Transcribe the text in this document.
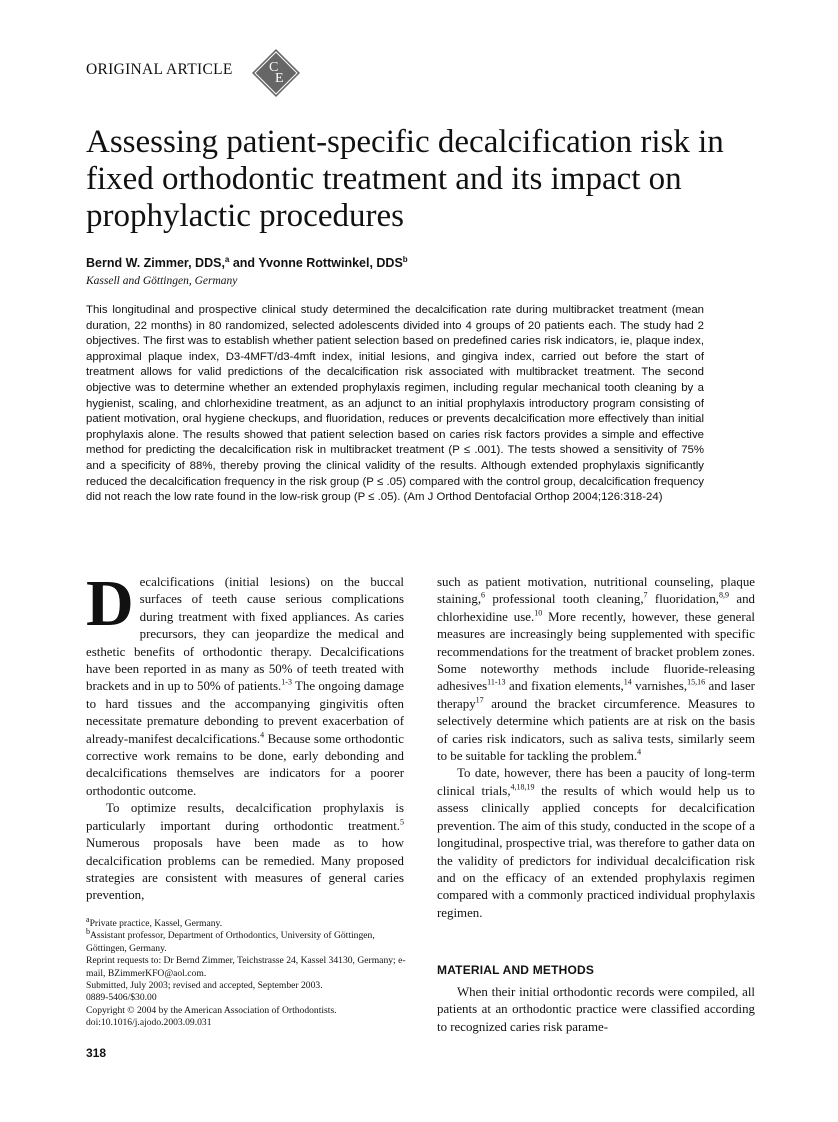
ORIGINAL ARTICLE	C
E
Assessing patient-specific decalcification risk in fixed orthodontic treatment and its impact on prophylactic procedures
Bernd W. Zimmer, DDS,$^a$ and Yvonne Rottwinkel, DDS$^b$
Kassell and Göttingen, Germany

This longitudinal and prospective clinical study determined the decalcification rate during multibracket treatment (mean duration, 22 months) in 80 randomized, selected adolescents divided into 4 groups of 20 patients each. The study had 2 objectives. The first was to establish whether patient selection based on predefined caries risk indicators, ie, plaque index, approximal plaque index, D3-4MFT/d3-4mft index, initial lesions, and gingiva index, carried out before the start of treatment allows for valid predictions of the decalcification risk associated with multibracket treatment. The second objective was to determine whether an extended prophylaxis regimen, including regular mechanical tooth cleaning by a hygienist, scaling, and chlorhexidine treatment, as an adjunct to an initial prophylaxis introductory program consisting of patient motivation, oral hygiene checkups, and fluoridation, reduces or prevents decalcification more effectively than initial prophylaxis alone. The results showed that patient selection based on caries risk factors provides a simple and effective method for predicting the decalcification risk in multibracket treatment (P ≤ .001). The tests showed a sensitivity of 75% and a specificity of 88%, thereby proving the clinical validity of the results. Although extended prophylaxis significantly reduced the decalcification frequency in the risk group (P ≤ .05) compared with the control group, decalcification frequency did not reach the low rate found in the low-risk group (P ≤ .05). (Am J Orthod Dentofacial Orthop 2004;126:318-24)

Decalcifications (initial lesions) on the buccal surfaces of teeth cause serious complications during treatment with fixed appliances. As caries precursors, they can jeopardize the medical and esthetic benefits of orthodontic therapy. Decalcifications have been reported in as many as 50% of teeth treated with brackets and in up to 50% of patients.$^{1-3}$ The ongoing damage to hard tissues and the accompanying gingivitis often necessitate premature debonding to prevent exacerbation of already-manifest decalcifications.$^4$ Because some orthodontic corrective work remains to be done, early debonding and decalcifications themselves are indicators for a poorer orthodontic outcome.

To optimize results, decalcification prophylaxis is particularly important during orthodontic treatment.$^5$ Numerous proposals have been made as to how decalcification problems can be remedied. Many proposed strategies are consistent with measures of general caries prevention,

such as patient motivation, nutritional counseling, plaque staining,$^6$ professional tooth cleaning,$^7$ fluoridation,$^{8,9}$ and chlorhexidine use.$^{10}$ More recently, however, these general measures are increasingly being supplemented with specific recommendations for the treatment of bracket problem zones. Some noteworthy methods include fluoride-releasing adhesives$^{11-13}$ and fixation elements,$^{14}$ varnishes,$^{15,16}$ and laser therapy$^{17}$ around the bracket circumference. Measures to selectively determine which patients are at risk on the basis of caries risk indicators, such as saliva tests, similarly seem to be suitable for tackling the problem.$^4$

To date, however, there has been a paucity of long-term clinical trials,$^{4,18,19}$ the results of which would help us to assess clinically applied concepts for decalcification prevention. The aim of this study, conducted in the scope of a longitudinal, prospective trial, was therefore to gather data on the validity of predictors for individual decalcification risk and on the efficacy of an extended prophylaxis regimen compared with a commonly practiced individual prophylaxis regimen.

$^a$Private practice, Kassel, Germany.
$^b$Assistant professor, Department of Orthodontics, University of Göttingen, Göttingen, Germany.
Reprint requests to: Dr Bernd Zimmer, Teichstrasse 24, Kassel 34130, Germany; e-mail, BZimmerKFO@aol.com.
Submitted, July 2003; revised and accepted, September 2003.
0889-5406/$30.00
Copyright © 2004 by the American Association of Orthodontists.
doi:10.1016/j.ajodo.2003.09.031
MATERIAL AND METHODS

When their initial orthodontic records were compiled, all patients at an orthodontic practice were classified according to recognized caries risk parame-

318
